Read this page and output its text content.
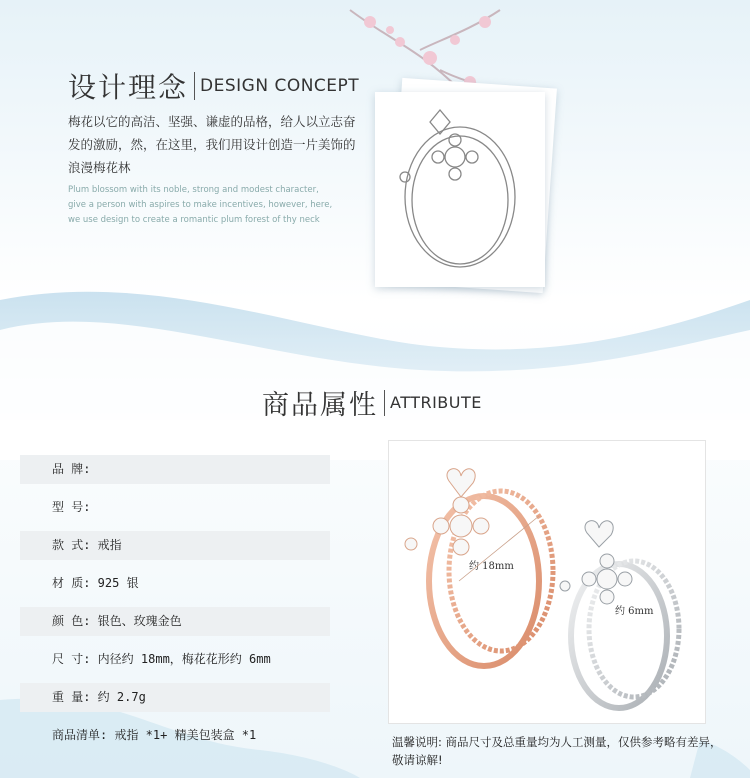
设计理念 DESIGN CONCEPT
梅花以它的高洁、坚强、谦虚的品格，给人以立志奋发的激励，然，在这里，我们用设计创造一片美饰的浪漫梅花林
Plum blossom with its noble, strong and modest character, give a person with aspires to make incentives, however, here, we use design to create a romantic plum forest of thy neck
商品属性 ATTRIBUTE
品 牌:
型 号:
款 式: 戒指
材 质: 925 银
颜 色: 银色、玫瑰金色
尺 寸: 内径约 18mm，梅花花形约 6mm
重 量: 约 2.7g
商品清单: 戒指 *1+ 精美包装盒 *1
约 18mm
约 6mm
温馨说明: 商品尺寸及总重量均为人工测量，仅供参考略有差异，敬请谅解!
